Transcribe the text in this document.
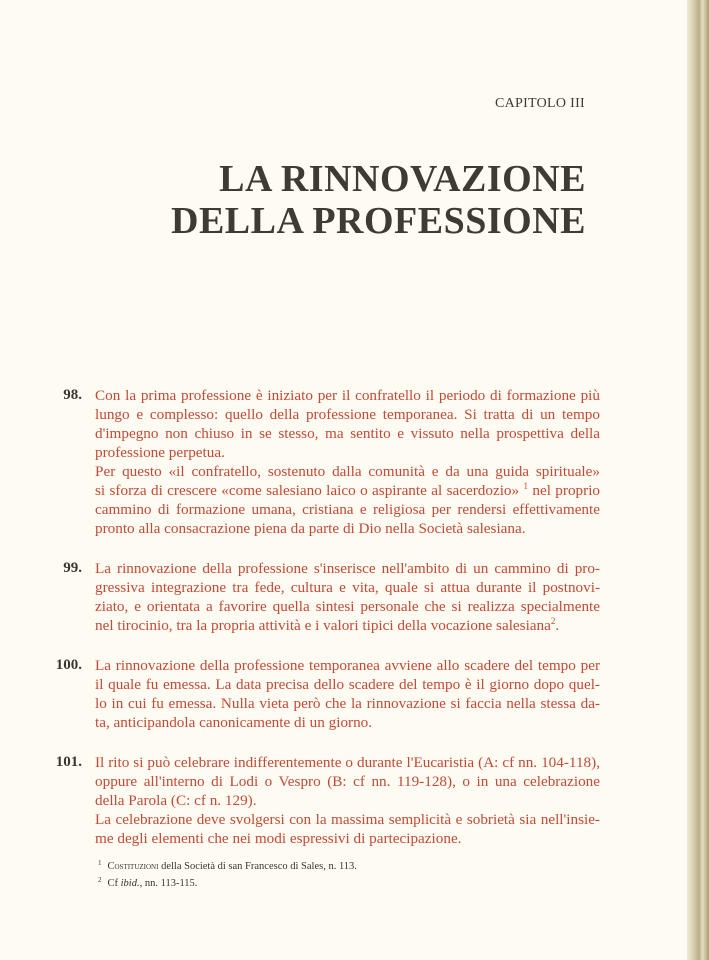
CAPITOLO III
LA RINNOVAZIONE
DELLA PROFESSIONE
98. Con la prima professione è iniziato per il confratello il periodo di formazione più
lungo e complesso: quello della professione temporanea. Si tratta di un tempo
d'impegno non chiuso in se stesso, ma sentito e vissuto nella prospettiva della
professione perpetua.
Per questo «il confratello, sostenuto dalla comunità e da una guida spirituale»
si sforza di crescere «come salesiano laico o aspirante al sacerdozio» $^1$ nel proprio
cammino di formazione umana, cristiana e religiosa per rendersi effettivamente
pronto alla consacrazione piena da parte di Dio nella Società salesiana.
99. La rinnovazione della professione s'inserisce nell'ambito di un cammino di pro-
gressiva integrazione tra fede, cultura e vita, quale si attua durante il postnovi-
ziato, e orientata a favorire quella sintesi personale che si realizza specialmente
nel tirocinio, tra la propria attività e i valori tipici della vocazione salesiana$^2$.
100. La rinnovazione della professione temporanea avviene allo scadere del tempo per
il quale fu emessa. La data precisa dello scadere del tempo è il giorno dopo quel-
lo in cui fu emessa. Nulla vieta però che la rinnovazione si faccia nella stessa da-
ta, anticipandola canonicamente di un giorno.
101. Il rito si può celebrare indifferentemente o durante l'Eucaristia (A: cf nn. 104-118),
oppure all'interno di Lodi o Vespro (B: cf nn. 119-128), o in una celebrazione
della Parola (C: cf n. 129).
La celebrazione deve svolgersi con la massima semplicità e sobrietà sia nell'insie-
me degli elementi che nei modi espressivi di partecipazione.
$^1$ Costituzioni della Società di san Francesco di Sales, n. 113.
$^2$ Cf ibid., nn. 113-115.
